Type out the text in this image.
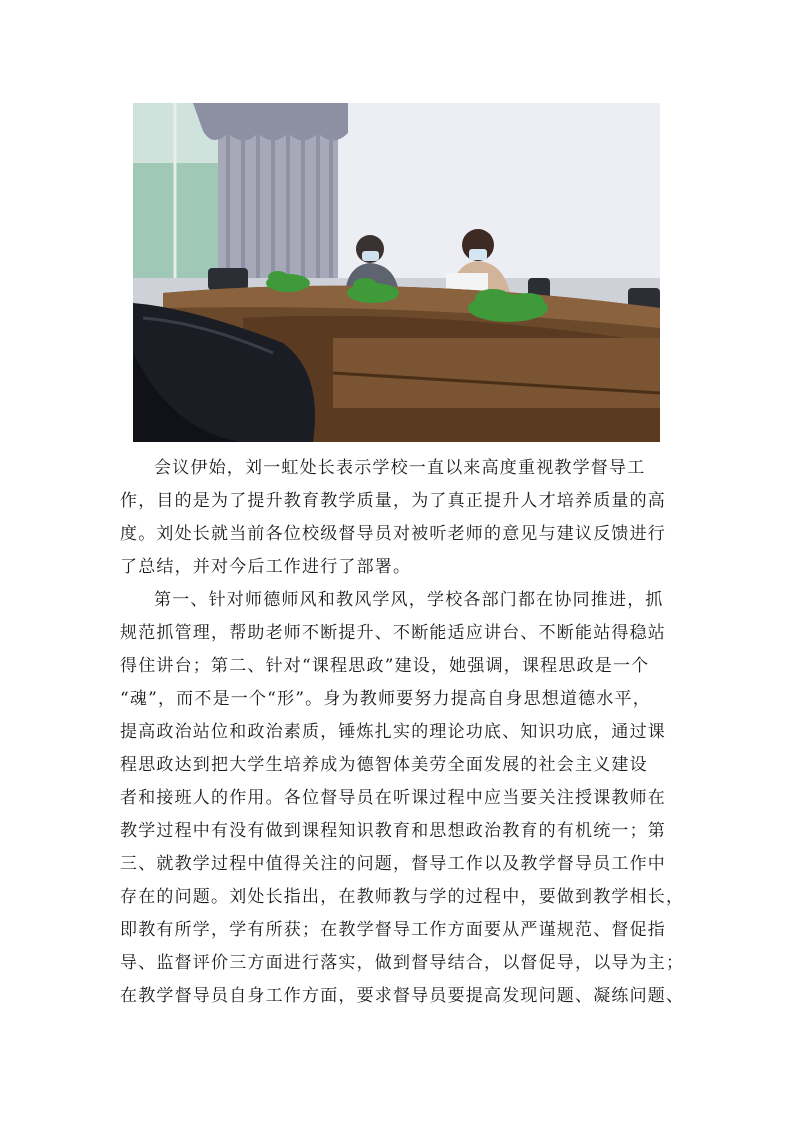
会议伊始，刘一虹处长表示学校一直以来高度重视教学督导工
作，目的是为了提升教育教学质量，为了真正提升人才培养质量的高
度。刘处长就当前各位校级督导员对被听老师的意见与建议反馈进行
了总结，并对今后工作进行了部署。
第一、针对师德师风和教风学风，学校各部门都在协同推进，抓
规范抓管理，帮助老师不断提升、不断能适应讲台、不断能站得稳站
得住讲台；第二、针对“课程思政”建设，她强调，课程思政是一个
“魂”，而不是一个“形”。身为教师要努力提高自身思想道德水平，
提高政治站位和政治素质，锤炼扎实的理论功底、知识功底，通过课
程思政达到把大学生培养成为德智体美劳全面发展的社会主义建设
者和接班人的作用。各位督导员在听课过程中应当要关注授课教师在
教学过程中有没有做到课程知识教育和思想政治教育的有机统一；第
三、就教学过程中值得关注的问题，督导工作以及教学督导员工作中
存在的问题。刘处长指出，在教师教与学的过程中，要做到教学相长，
即教有所学，学有所获；在教学督导工作方面要从严谨规范、督促指
导、监督评价三方面进行落实，做到督导结合，以督促导，以导为主；
在教学督导员自身工作方面，要求督导员要提高发现问题、凝练问题、
